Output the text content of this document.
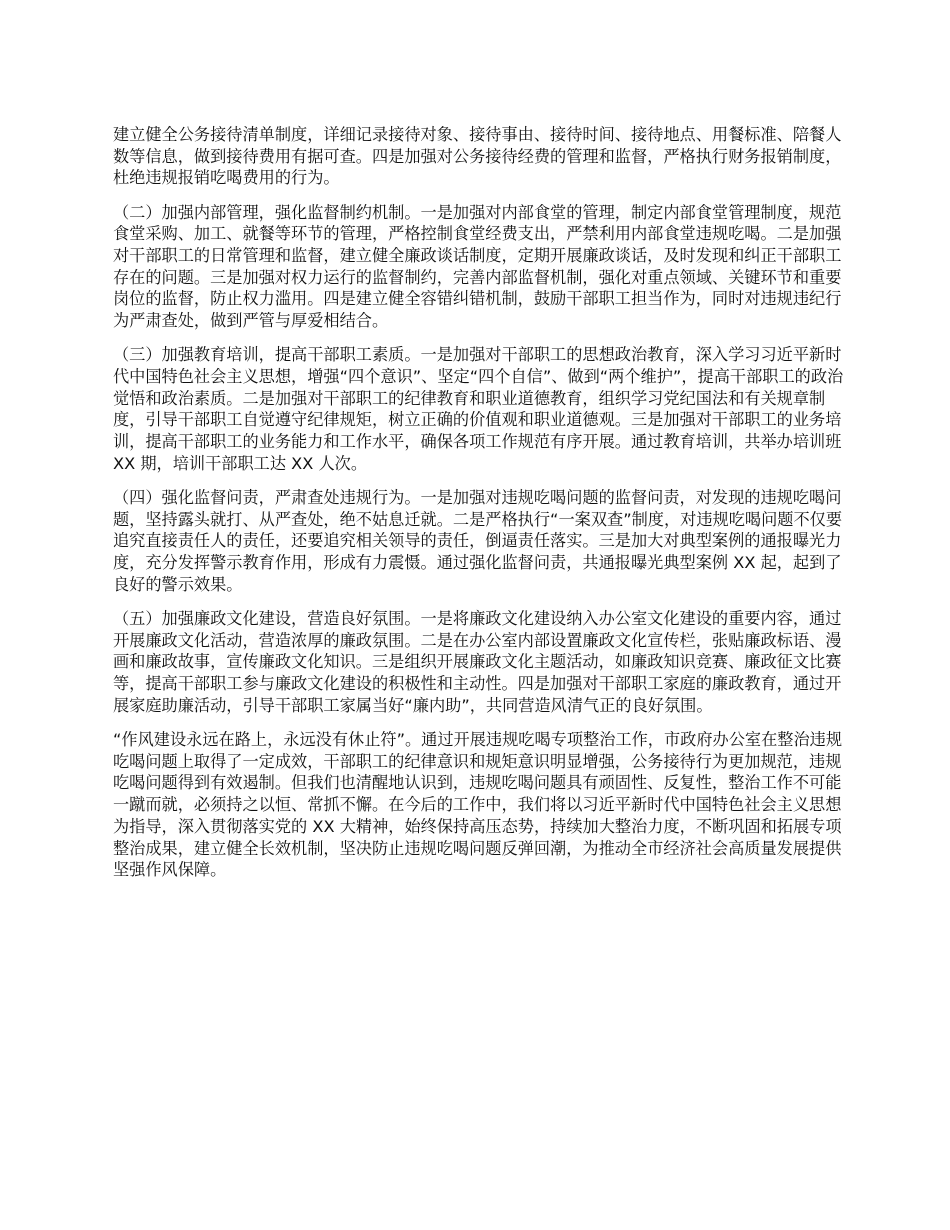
建立健全公务接待清单制度，详细记录接待对象、接待事由、接待时间、接待地点、用餐标准、陪餐人数等信息，做到接待费用有据可查。四是加强对公务接待经费的管理和监督，严格执行财务报销制度，杜绝违规报销吃喝费用的行为。

（二）加强内部管理，强化监督制约机制。一是加强对内部食堂的管理，制定内部食堂管理制度，规范食堂采购、加工、就餐等环节的管理，严格控制食堂经费支出，严禁利用内部食堂违规吃喝。二是加强对干部职工的日常管理和监督，建立健全廉政谈话制度，定期开展廉政谈话，及时发现和纠正干部职工存在的问题。三是加强对权力运行的监督制约，完善内部监督机制，强化对重点领域、关键环节和重要岗位的监督，防止权力滥用。四是建立健全容错纠错机制，鼓励干部职工担当作为，同时对违规违纪行为严肃查处，做到严管与厚爱相结合。

（三）加强教育培训，提高干部职工素质。一是加强对干部职工的思想政治教育，深入学习习近平新时代中国特色社会主义思想，增强“四个意识”、坚定“四个自信”、做到“两个维护”，提高干部职工的政治觉悟和政治素质。二是加强对干部职工的纪律教育和职业道德教育，组织学习党纪国法和有关规章制度，引导干部职工自觉遵守纪律规矩，树立正确的价值观和职业道德观。三是加强对干部职工的业务培训，提高干部职工的业务能力和工作水平，确保各项工作规范有序开展。通过教育培训，共举办培训班 XX 期，培训干部职工达 XX 人次。

（四）强化监督问责，严肃查处违规行为。一是加强对违规吃喝问题的监督问责，对发现的违规吃喝问题，坚持露头就打、从严查处，绝不姑息迁就。二是严格执行“一案双查”制度，对违规吃喝问题不仅要追究直接责任人的责任，还要追究相关领导的责任，倒逼责任落实。三是加大对典型案例的通报曝光力度，充分发挥警示教育作用，形成有力震慑。通过强化监督问责，共通报曝光典型案例 XX 起，起到了良好的警示效果。

（五）加强廉政文化建设，营造良好氛围。一是将廉政文化建设纳入办公室文化建设的重要内容，通过开展廉政文化活动，营造浓厚的廉政氛围。二是在办公室内部设置廉政文化宣传栏，张贴廉政标语、漫画和廉政故事，宣传廉政文化知识。三是组织开展廉政文化主题活动，如廉政知识竞赛、廉政征文比赛等，提高干部职工参与廉政文化建设的积极性和主动性。四是加强对干部职工家庭的廉政教育，通过开展家庭助廉活动，引导干部职工家属当好“廉内助”，共同营造风清气正的良好氛围。

“作风建设永远在路上，永远没有休止符”。通过开展违规吃喝专项整治工作，市政府办公室在整治违规吃喝问题上取得了一定成效，干部职工的纪律意识和规矩意识明显增强，公务接待行为更加规范，违规吃喝问题得到有效遏制。但我们也清醒地认识到，违规吃喝问题具有顽固性、反复性，整治工作不可能一蹴而就，必须持之以恒、常抓不懈。在今后的工作中，我们将以习近平新时代中国特色社会主义思想为指导，深入贯彻落实党的 XX 大精神，始终保持高压态势，持续加大整治力度，不断巩固和拓展专项整治成果，建立健全长效机制，坚决防止违规吃喝问题反弹回潮，为推动全市经济社会高质量发展提供坚强作风保障。
